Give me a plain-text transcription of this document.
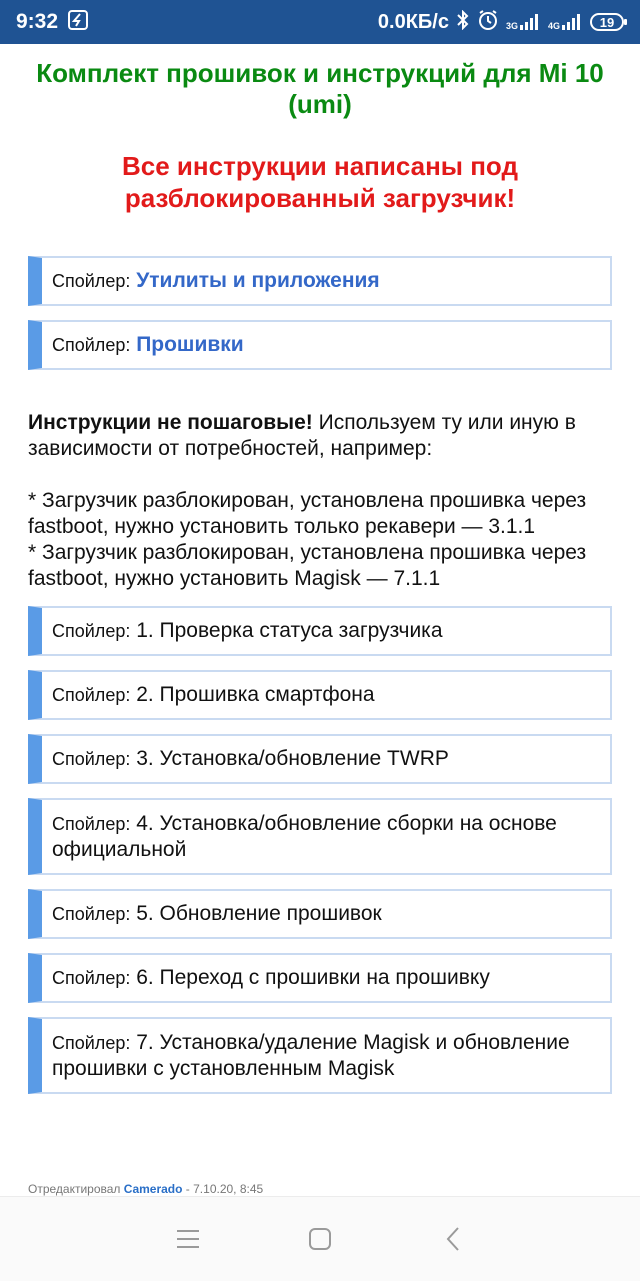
9:32	0.0КБ/с	3G	4G	19
Комплект прошивок и инструкций для Mi 10 (umi)
Все инструкции написаны под разблокированный загрузчик!
Спойлер: Утилиты и приложения
Спойлер: Прошивки
Инструкции не пошаговые! Используем ту или иную в зависимости от потребностей, например:
* Загрузчик разблокирован, установлена прошивка через fastboot, нужно установить только рекавери — 3.1.1
* Загрузчик разблокирован, установлена прошивка через fastboot, нужно установить Magisk — 7.1.1
Спойлер: 1. Проверка статуса загрузчика
Спойлер: 2. Прошивка смартфона
Спойлер: 3. Установка/обновление TWRP
Спойлер: 4. Установка/обновление сборки на основе официальной
Спойлер: 5. Обновление прошивок
Спойлер: 6. Переход с прошивки на прошивку
Спойлер: 7. Установка/удаление Magisk и обновление прошивки с установленным Magisk
Отредактировал Camerado - 7.10.20, 8:45
